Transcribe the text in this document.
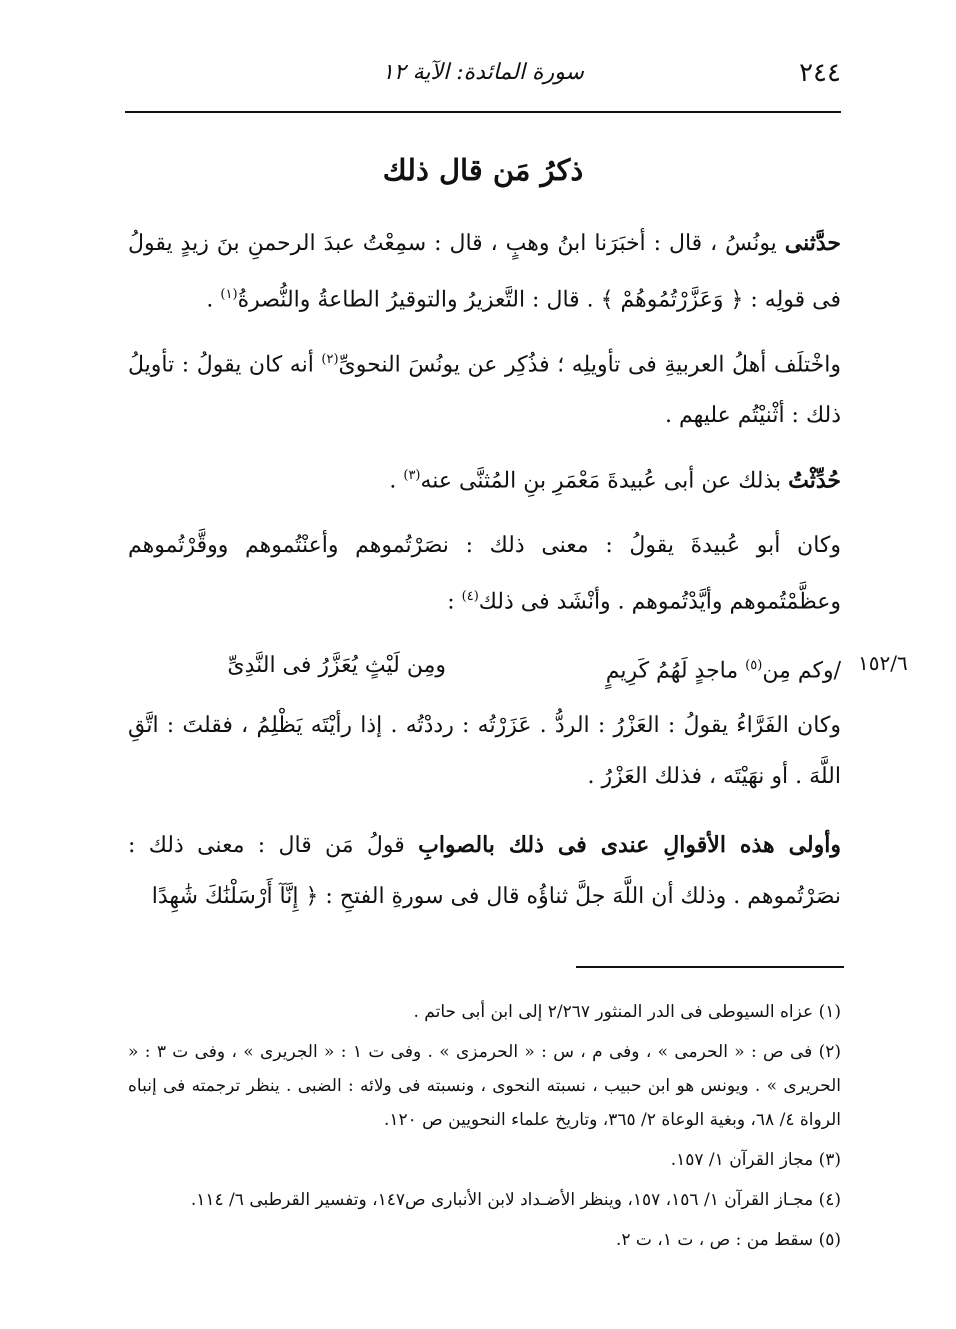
٢٤٤
سورة المائدة: الآية ١٢
ذكرُ مَن قال ذلك
حدَّثنى يونُسُ ، قال : أخبَرَنا ابنُ وهبٍ ، قال : سمِعْتُ عبدَ الرحمنِ بنَ زيدٍ يقولُ فى قولِه : ﴿ وَعَزَّرْتُمُوهُمْ ﴾ . قال : التَّعزيرُ والتوقيرُ الطاعةُ والنُّصرةُ$^{(١)}$ .
واخْتلَف أهلُ العربيةِ فى تأويلِه ؛ فذُكِر عن يونُسَ النحوىِّ$^{(٢)}$ أنه كان يقولُ : تأويلُ ذلك : أثْنيْتُم عليهم .
حُدِّثْتُ بذلك عن أبى عُبيدةَ مَعْمَرِ بنِ المُثنَّى عنه$^{(٣)}$ .
وكان أبو عُبيدةَ يقولُ : معنى ذلك : نصَرْتُموهم وأعنْتُموهم ووقَّرْتُموهم وعظَّمْتُموهم وأيَّدْتُموهم . وأنْشَد فى ذلك$^{(٤)}$ :
/وكم مِن$^{(٥)}$ ماجدٍ لَهُمُ كَرِيمٍ
ومِن لَيْثٍ يُعَزَّرُ فى النَّدِىِّ	١٥٢/٦
وكان الفَرَّاءُ يقولُ : العَزْرُ : الردُّ . عَزَرْتُه : رددْتُه . إذا رأيْتَه يَظْلِمُ ، فقلتَ : اتَّقِ اللَّهَ . أو نهَيْتَه ، فذلك العَزْرُ .
وأولى هذه الأقوالِ عندى فى ذلك بالصوابِ قولُ مَن قال : معنى ذلك : نصَرْتُموهم . وذلك أن اللَّهَ جلَّ ثناؤُه قال فى سورةِ الفتحِ : ﴿ إِنَّآ أَرْسَلْنَٰكَ شَٰهِدًا

(١) عزاه السيوطى فى الدر المنثور ٢/٢٦٧ إلى ابن أبى حاتم .

(٢) فى ص : « الحرمى » ، وفى م ، س : « الحرمزى » . وفى ت ١ : « الجريرى » ، وفى ت ٣ : « الحريرى » . ويونس هو ابن حبيب ، نسبته النحوى ، ونسبته فى ولائه : الضبى . ينظر ترجمته فى إنباه الرواة ٤/ ٦٨، وبغية الوعاة ٢/ ٣٦٥، وتاريخ علماء النحويين ص ١٢٠.

(٣) مجاز القرآن ١/ ١٥٧.

(٤) مجـاز القرآن ١/ ١٥٦، ١٥٧، وينظر الأضـداد لابن الأنبارى ص١٤٧، وتفسير القرطبى ٦/ ١١٤.

(٥) سقط من : ص ، ت ١، ت ٢.
